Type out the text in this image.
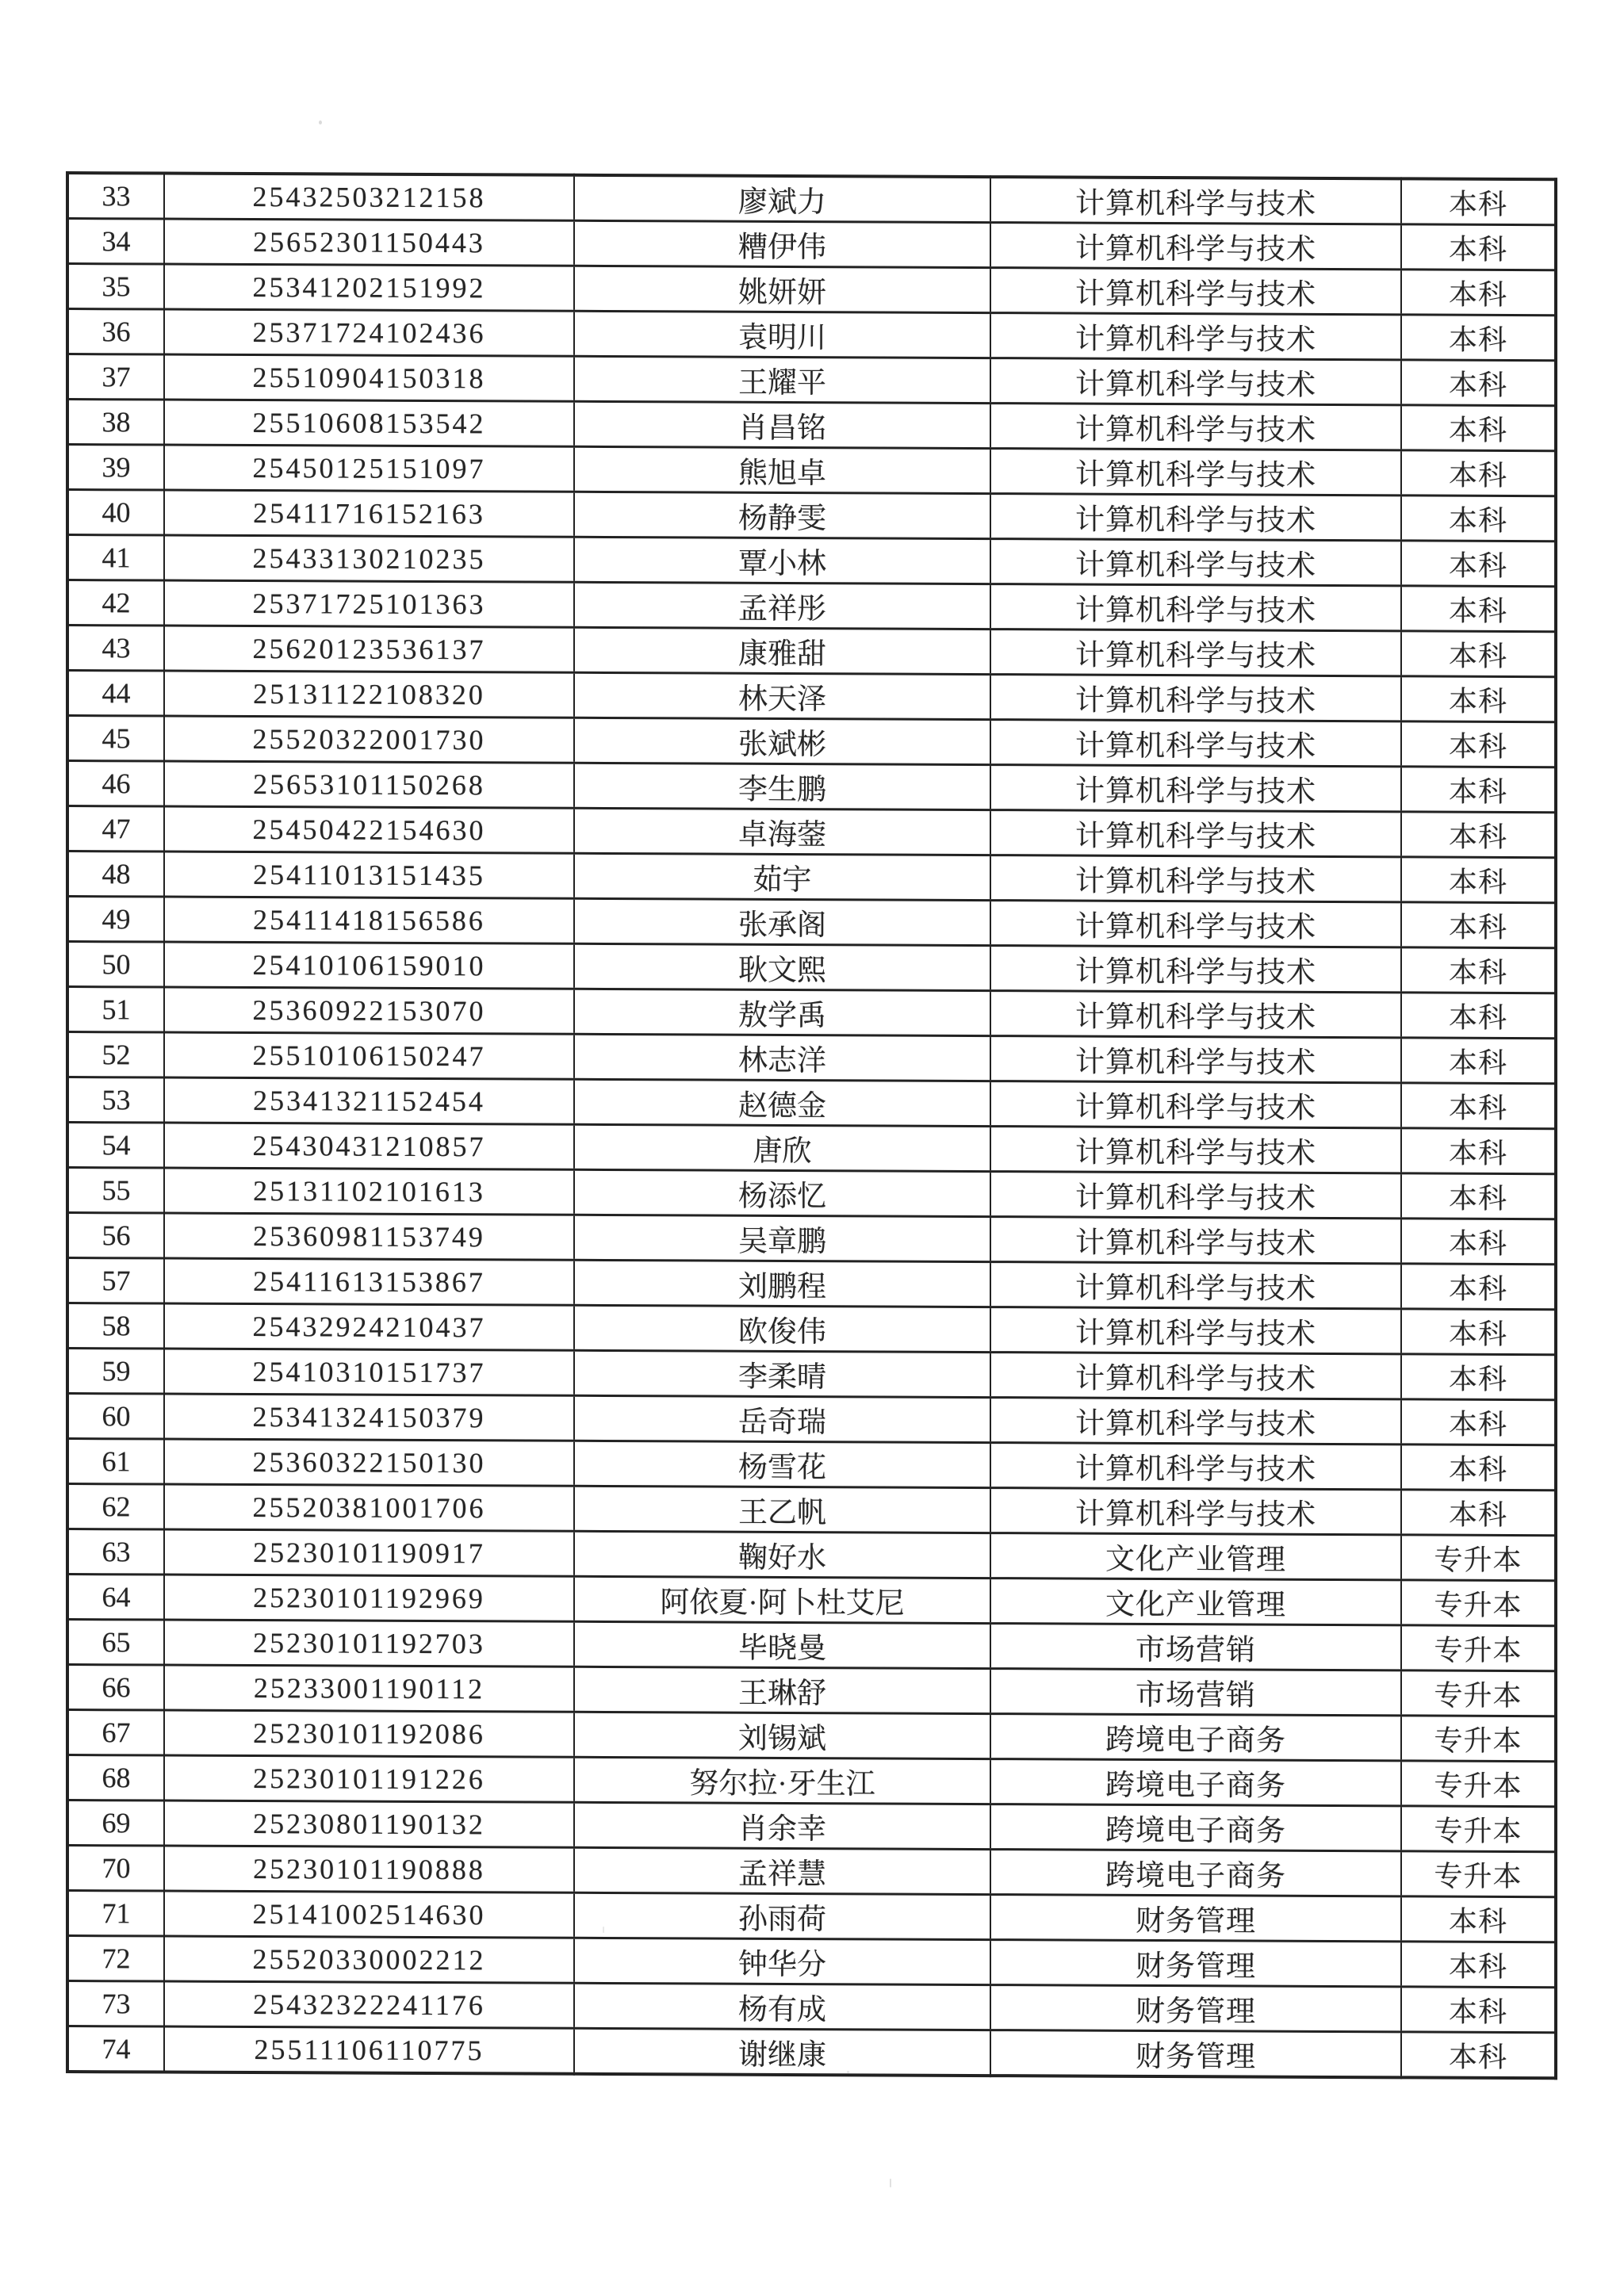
33	25432503212158	廖斌力	计算机科学与技术	本科
34	25652301150443	糟伊伟	计算机科学与技术	本科
35	25341202151992	姚妍妍	计算机科学与技术	本科
36	25371724102436	袁明川	计算机科学与技术	本科
37	25510904150318	王耀平	计算机科学与技术	本科
38	25510608153542	肖昌铭	计算机科学与技术	本科
39	25450125151097	熊旭卓	计算机科学与技术	本科
40	25411716152163	杨静雯	计算机科学与技术	本科
41	25433130210235	覃小林	计算机科学与技术	本科
42	25371725101363	孟祥彤	计算机科学与技术	本科
43	25620123536137	康雅甜	计算机科学与技术	本科
44	25131122108320	林天泽	计算机科学与技术	本科
45	25520322001730	张斌彬	计算机科学与技术	本科
46	25653101150268	李生鹏	计算机科学与技术	本科
47	25450422154630	卓海蓥	计算机科学与技术	本科
48	25411013151435	茹宇	计算机科学与技术	本科
49	25411418156586	张承阁	计算机科学与技术	本科
50	25410106159010	耿文熙	计算机科学与技术	本科
51	25360922153070	敖学禹	计算机科学与技术	本科
52	25510106150247	林志洋	计算机科学与技术	本科
53	25341321152454	赵德金	计算机科学与技术	本科
54	25430431210857	唐欣	计算机科学与技术	本科
55	25131102101613	杨添忆	计算机科学与技术	本科
56	25360981153749	吴章鹏	计算机科学与技术	本科
57	25411613153867	刘鹏程	计算机科学与技术	本科
58	25432924210437	欧俊伟	计算机科学与技术	本科
59	25410310151737	李柔晴	计算机科学与技术	本科
60	25341324150379	岳奇瑞	计算机科学与技术	本科
61	25360322150130	杨雪花	计算机科学与技术	本科
62	25520381001706	王乙帆	计算机科学与技术	本科
63	25230101190917	鞠好水	文化产业管理	专升本
64	25230101192969	阿依夏·阿卜杜艾尼	文化产业管理	专升本
65	25230101192703	毕晓曼	市场营销	专升本
66	25233001190112	王琳舒	市场营销	专升本
67	25230101192086	刘锡斌	跨境电子商务	专升本
68	25230101191226	努尔拉·牙生江	跨境电子商务	专升本
69	25230801190132	肖余幸	跨境电子商务	专升本
70	25230101190888	孟祥慧	跨境电子商务	专升本
71	25141002514630	孙雨荷	财务管理	本科
72	25520330002212	钟华分	财务管理	本科
73	25432322241176	杨有成	财务管理	本科
74	25511106110775	谢继康	财务管理	本科
